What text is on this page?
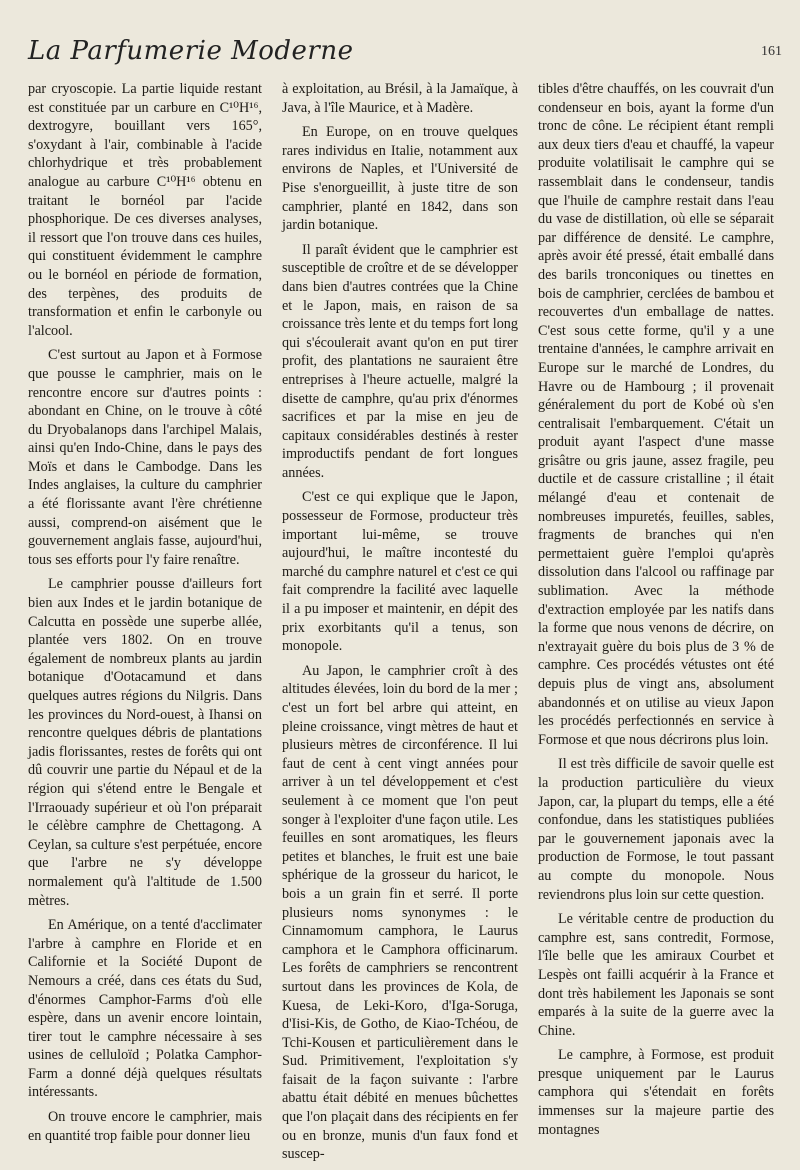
La Parfumerie Moderne	161

par cryoscopie. La partie liquide restant est constituée par un carbure en C¹⁰H¹⁶, dextrogyre, bouillant vers 165°, s'oxydant à l'air, combinable à l'acide chlorhydrique et très probablement analogue au carbure C¹⁰H¹⁶ obtenu en traitant le bornéol par l'acide phosphorique. De ces diverses analyses, il ressort que l'on trouve dans ces huiles, qui constituent évidemment le camphre ou le bornéol en période de formation, des terpènes, des produits de transformation et enfin le carbonyle ou l'alcool.

C'est surtout au Japon et à Formose que pousse le camphrier, mais on le rencontre encore sur d'autres points : abondant en Chine, on le trouve à côté du Dryobalanops dans l'archipel Malais, ainsi qu'en Indo-Chine, dans le pays des Moïs et dans le Cambodge. Dans les Indes anglaises, la culture du camphrier a été florissante avant l'ère chrétienne aussi, comprend-on aisément que le gouvernement anglais fasse, aujourd'hui, tous ses efforts pour l'y faire renaître.

Le camphrier pousse d'ailleurs fort bien aux Indes et le jardin botanique de Calcutta en possède une superbe allée, plantée vers 1802. On en trouve également de nombreux plants au jardin botanique d'Ootacamund et dans quelques autres régions du Nilgris. Dans les provinces du Nord-ouest, à Ihansi on rencontre quelques débris de plantations jadis florissantes, restes de forêts qui ont dû couvrir une partie du Népaul et de la région qui s'étend entre le Bengale et l'Irraouady supérieur et où l'on préparait le célèbre camphre de Chettagong. A Ceylan, sa culture s'est perpétuée, encore que l'arbre ne s'y développe normalement qu'à l'altitude de 1.500 mètres.

En Amérique, on a tenté d'acclimater l'arbre à camphre en Floride et en Californie et la Société Dupont de Nemours a créé, dans ces états du Sud, d'énormes Camphor-Farms d'où elle espère, dans un avenir encore lointain, tirer tout le camphre nécessaire à ses usines de celluloïd ; Polatka Camphor-Farm a donné déjà quelques résultats intéressants.

On trouve encore le camphrier, mais en quantité trop faible pour donner lieu

à exploitation, au Brésil, à la Jamaïque, à Java, à l'île Maurice, et à Madère.

En Europe, on en trouve quelques rares individus en Italie, notamment aux environs de Naples, et l'Université de Pise s'enorgueillit, à juste titre de son camphrier, planté en 1842, dans son jardin botanique.

Il paraît évident que le camphrier est susceptible de croître et de se développer dans bien d'autres contrées que la Chine et le Japon, mais, en raison de sa croissance très lente et du temps fort long qui s'écoulerait avant qu'on en put tirer profit, des plantations ne sauraient être entreprises à l'heure actuelle, malgré la disette de camphre, qu'au prix d'énormes sacrifices et par la mise en jeu de capitaux considérables destinés à rester improductifs pendant de fort longues années.

C'est ce qui explique que le Japon, possesseur de Formose, producteur très important lui-même, se trouve aujourd'hui, le maître incontesté du marché du camphre naturel et c'est ce qui fait comprendre la facilité avec laquelle il a pu imposer et maintenir, en dépit des prix exorbitants qu'il a tenus, son monopole.

Au Japon, le camphrier croît à des altitudes élevées, loin du bord de la mer ; c'est un fort bel arbre qui atteint, en pleine croissance, vingt mètres de haut et plusieurs mètres de circonférence. Il lui faut de cent à cent vingt années pour arriver à un tel développement et c'est seulement à ce moment que l'on peut songer à l'exploiter d'une façon utile. Les feuilles en sont aromatiques, les fleurs petites et blanches, le fruit est une baie sphérique de la grosseur du haricot, le bois a un grain fin et serré. Il porte plusieurs noms synonymes : le Cinnamomum camphora, le Laurus camphora et le Camphora officinarum. Les forêts de camphriers se rencontrent surtout dans les provinces de Kola, de Kuesa, de Leki-Koro, d'Iga-Soruga, d'Iisi-Kis, de Gotho, de Kiao-Tchéou, de Tchi-Kousen et particulièrement dans le Sud. Primitivement, l'exploitation s'y faisait de la façon suivante : l'arbre abattu était débité en menues bûchettes que l'on plaçait dans des récipients en fer ou en bronze, munis d'un faux fond et suscep-

tibles d'être chauffés, on les couvrait d'un condenseur en bois, ayant la forme d'un tronc de cône. Le récipient étant rempli aux deux tiers d'eau et chauffé, la vapeur produite volatilisait le camphre qui se rassemblait dans le condenseur, tandis que l'huile de camphre restait dans l'eau du vase de distillation, où elle se séparait par différence de densité. Le camphre, après avoir été pressé, était emballé dans des barils tronconiques ou tinettes en bois de camphrier, cerclées de bambou et recouvertes d'un emballage de nattes. C'est sous cette forme, qu'il y a une trentaine d'années, le camphre arrivait en Europe sur le marché de Londres, du Havre ou de Hambourg ; il provenait généralement du port de Kobé où s'en centralisait l'embarquement. C'était un produit ayant l'aspect d'une masse grisâtre ou gris jaune, assez fragile, peu ductile et de cassure cristalline ; il était mélangé d'eau et contenait de nombreuses impuretés, feuilles, sables, fragments de branches qui n'en permettaient guère l'emploi qu'après dissolution dans l'alcool ou raffinage par sublimation. Avec la méthode d'extraction employée par les natifs dans la forme que nous venons de décrire, on n'extrayait guère du bois plus de 3 % de camphre. Ces procédés vétustes ont été depuis plus de vingt ans, absolument abandonnés et on utilise au vieux Japon les procédés perfectionnés en service à Formose et que nous décrirons plus loin.

Il est très difficile de savoir quelle est la production particulière du vieux Japon, car, la plupart du temps, elle a été confondue, dans les statistiques publiées par le gouvernement japonais avec la production de Formose, le tout passant au compte du monopole. Nous reviendrons plus loin sur cette question.

Le véritable centre de production du camphre est, sans contredit, Formose, l'île belle que les amiraux Courbet et Lespès ont failli acquérir à la France et dont très habilement les Japonais se sont emparés à la suite de la guerre avec la Chine.

Le camphre, à Formose, est produit presque uniquement par le Laurus camphora qui s'étendait en forêts immenses sur la majeure partie des montagnes
